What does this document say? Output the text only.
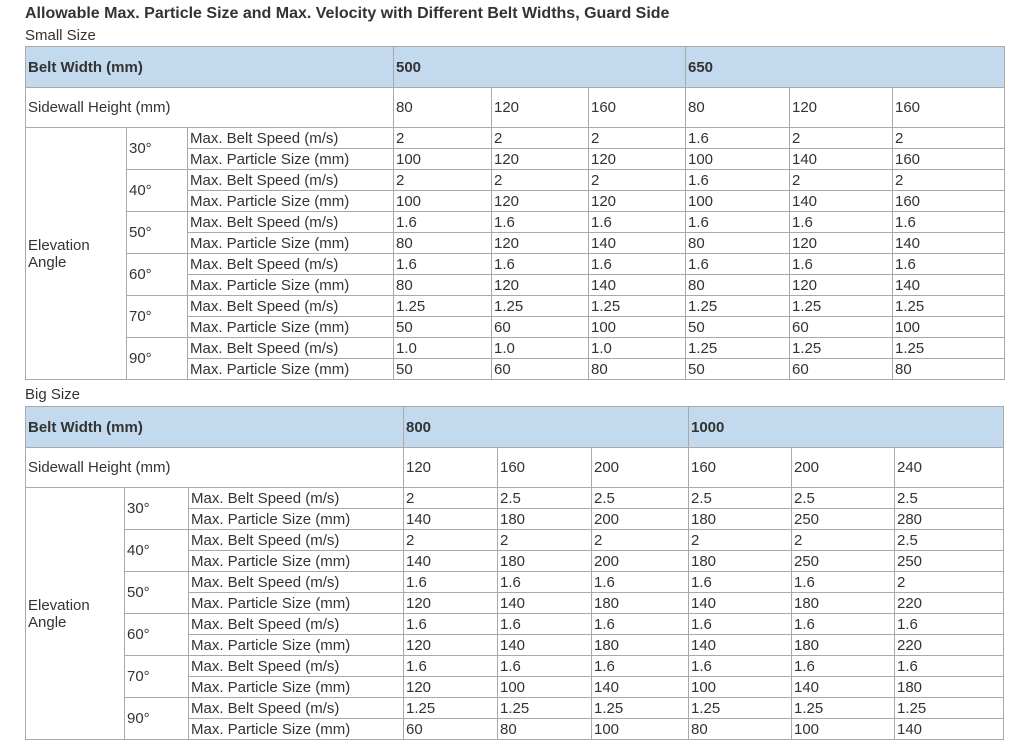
Allowable Max. Particle Size and Max. Velocity with Different Belt Widths, Guard Side
Small Size
Belt Width (mm)			500			650		
Sidewall Height (mm)			80	120	160	80	120	160
Elevation Angle	30°	Max. Belt Speed (m/s)	2	2	2	1.6	2	2
		Max. Particle Size (mm)	100	120	120	100	140	160
	40°	Max. Belt Speed (m/s)	2	2	2	1.6	2	2
		Max. Particle Size (mm)	100	120	120	100	140	160
	50°	Max. Belt Speed (m/s)	1.6	1.6	1.6	1.6	1.6	1.6
		Max. Particle Size (mm)	80	120	140	80	120	140
	60°	Max. Belt Speed (m/s)	1.6	1.6	1.6	1.6	1.6	1.6
		Max. Particle Size (mm)	80	120	140	80	120	140
	70°	Max. Belt Speed (m/s)	1.25	1.25	1.25	1.25	1.25	1.25
		Max. Particle Size (mm)	50	60	100	50	60	100
	90°	Max. Belt Speed (m/s)	1.0	1.0	1.0	1.25	1.25	1.25
		Max. Particle Size (mm)	50	60	80	50	60	80
Big Size
Belt Width (mm)			800			1000		
Sidewall Height (mm)			120	160	200	160	200	240
Elevation Angle	30°	Max. Belt Speed (m/s)	2	2.5	2.5	2.5	2.5	2.5
		Max. Particle Size (mm)	140	180	200	180	250	280
	40°	Max. Belt Speed (m/s)	2	2	2	2	2	2.5
		Max. Particle Size (mm)	140	180	200	180	250	250
	50°	Max. Belt Speed (m/s)	1.6	1.6	1.6	1.6	1.6	2
		Max. Particle Size (mm)	120	140	180	140	180	220
	60°	Max. Belt Speed (m/s)	1.6	1.6	1.6	1.6	1.6	1.6
		Max. Particle Size (mm)	120	140	180	140	180	220
	70°	Max. Belt Speed (m/s)	1.6	1.6	1.6	1.6	1.6	1.6
		Max. Particle Size (mm)	120	100	140	100	140	180
	90°	Max. Belt Speed (m/s)	1.25	1.25	1.25	1.25	1.25	1.25
		Max. Particle Size (mm)	60	80	100	80	100	140
